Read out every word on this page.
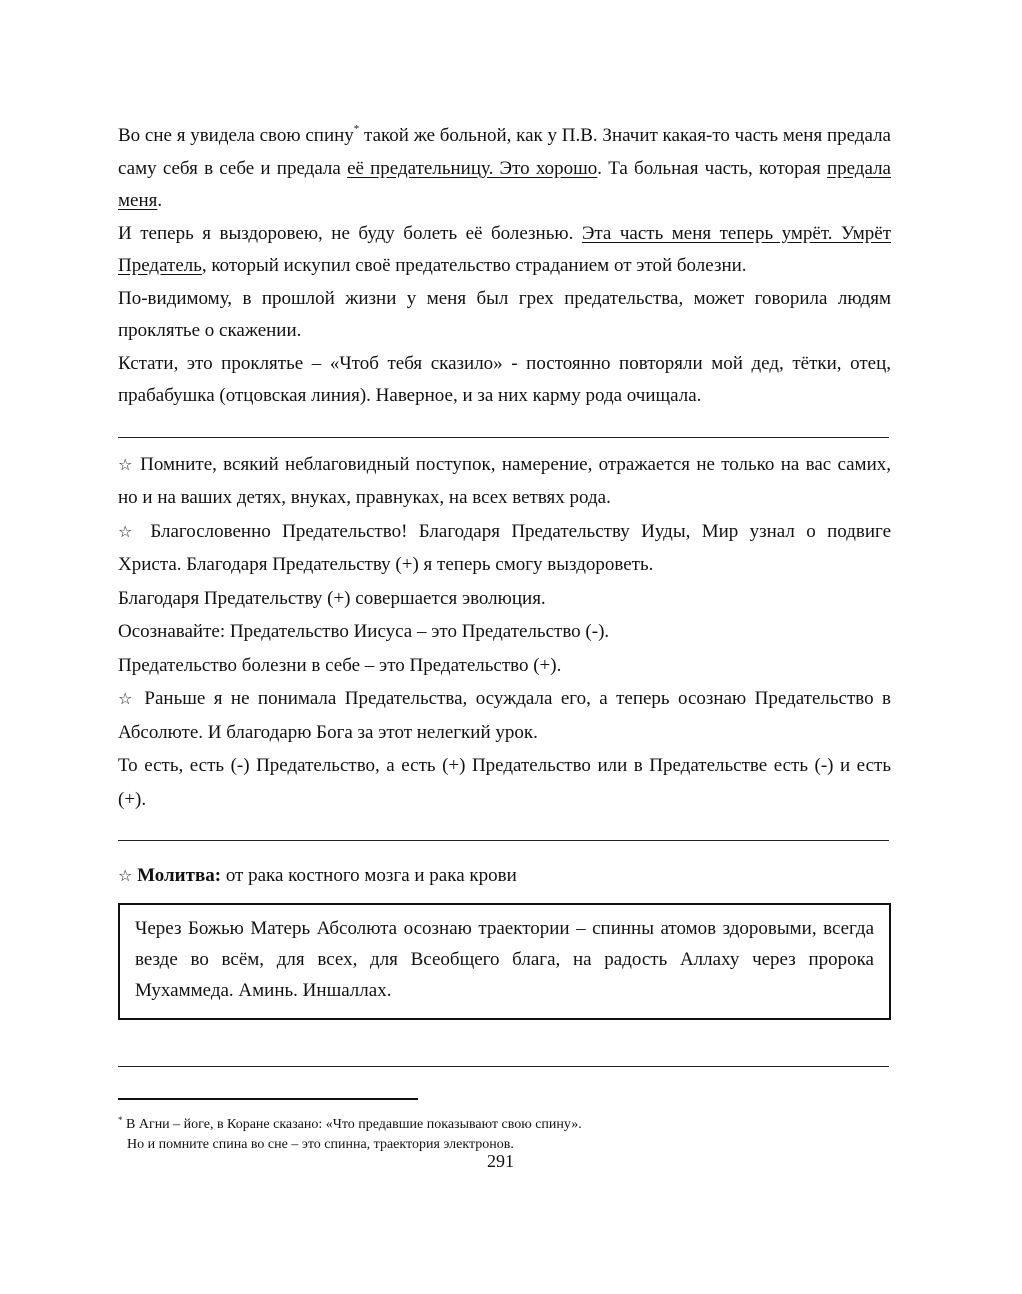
Во сне я увидела свою спину* такой же больной, как у П.В. Значит какая-то часть меня предала саму себя в себе и предала её предательницу. Это хорошо. Та больная часть, которая предала меня.

И теперь я выздоровею, не буду болеть её болезнью. Эта часть меня теперь умрёт. Умрёт Предатель, который искупил своё предательство страданием от этой болезни.

По-видимому, в прошлой жизни у меня был грех предательства, может говорила людям проклятье о скажении.

Кстати, это проклятье – «Чтоб тебя сказило» - постоянно повторяли мой дед, тётки, отец, прабабушка (отцовская линия). Наверное, и за них карму рода очищала.

☆ Помните, всякий неблаговидный поступок, намерение, отражается не только на вас самих, но и на ваших детях, внуках, правнуках, на всех ветвях рода.

☆ Благословенно Предательство! Благодаря Предательству Иуды, Мир узнал о подвиге Христа. Благодаря Предательству (+) я теперь смогу выздороветь.

Благодаря Предательству (+) совершается эволюция.

Осознавайте: Предательство Иисуса – это Предательство (-).

Предательство болезни в себе – это Предательство (+).

☆ Раньше я не понимала Предательства, осуждала его, а теперь осознаю Предательство в Абсолюте. И благодарю Бога за этот нелегкий урок.

То есть, есть (-) Предательство, а есть (+) Предательство или в Предательстве есть (-) и есть (+).

☆ Молитва: от рака костного мозга и рака крови

Через Божью Матерь Абсолюта осознаю траектории – спинны атомов здоровыми, всегда везде во всём, для всех, для Всеобщего блага, на радость Аллаху через пророка Мухаммеда. Аминь. Иншаллах.

* В Агни – йоге, в Коране сказано: «Что предавшие показывают свою спину».
Но и помните спина во сне – это спинна, траектория электронов.
291
